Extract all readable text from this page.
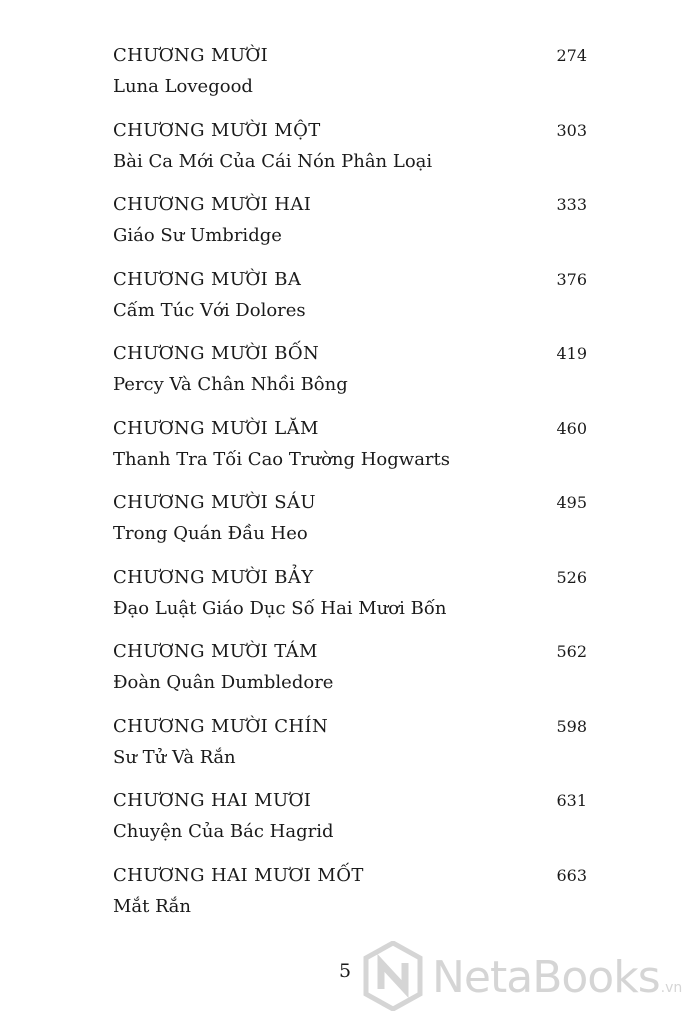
CHƯƠNG MƯỜI	274
Luna Lovegood
CHƯƠNG MƯỜI MỘT	303
Bài Ca Mới Của Cái Nón Phân Loại
CHƯƠNG MƯỜI HAI	333
Giáo Sư Umbridge
CHƯƠNG MƯỜI BA	376
Cấm Túc Với Dolores
CHƯƠNG MƯỜI BỐN	419
Percy Và Chân Nhồi Bông
CHƯƠNG MƯỜI LĂM	460
Thanh Tra Tối Cao Trường Hogwarts
CHƯƠNG MƯỜI SÁU	495
Trong Quán Đầu Heo
CHƯƠNG MƯỜI BẢY	526
Đạo Luật Giáo Dục Số Hai Mươi Bốn
CHƯƠNG MƯỜI TÁM	562
Đoàn Quân Dumbledore
CHƯƠNG MƯỜI CHÍN	598
Sư Tử Và Rắn
CHƯƠNG HAI MƯƠI	631
Chuyện Của Bác Hagrid
CHƯƠNG HAI MƯƠI MỐT	663
Mắt Rắn
5 NetaBooks .vn
